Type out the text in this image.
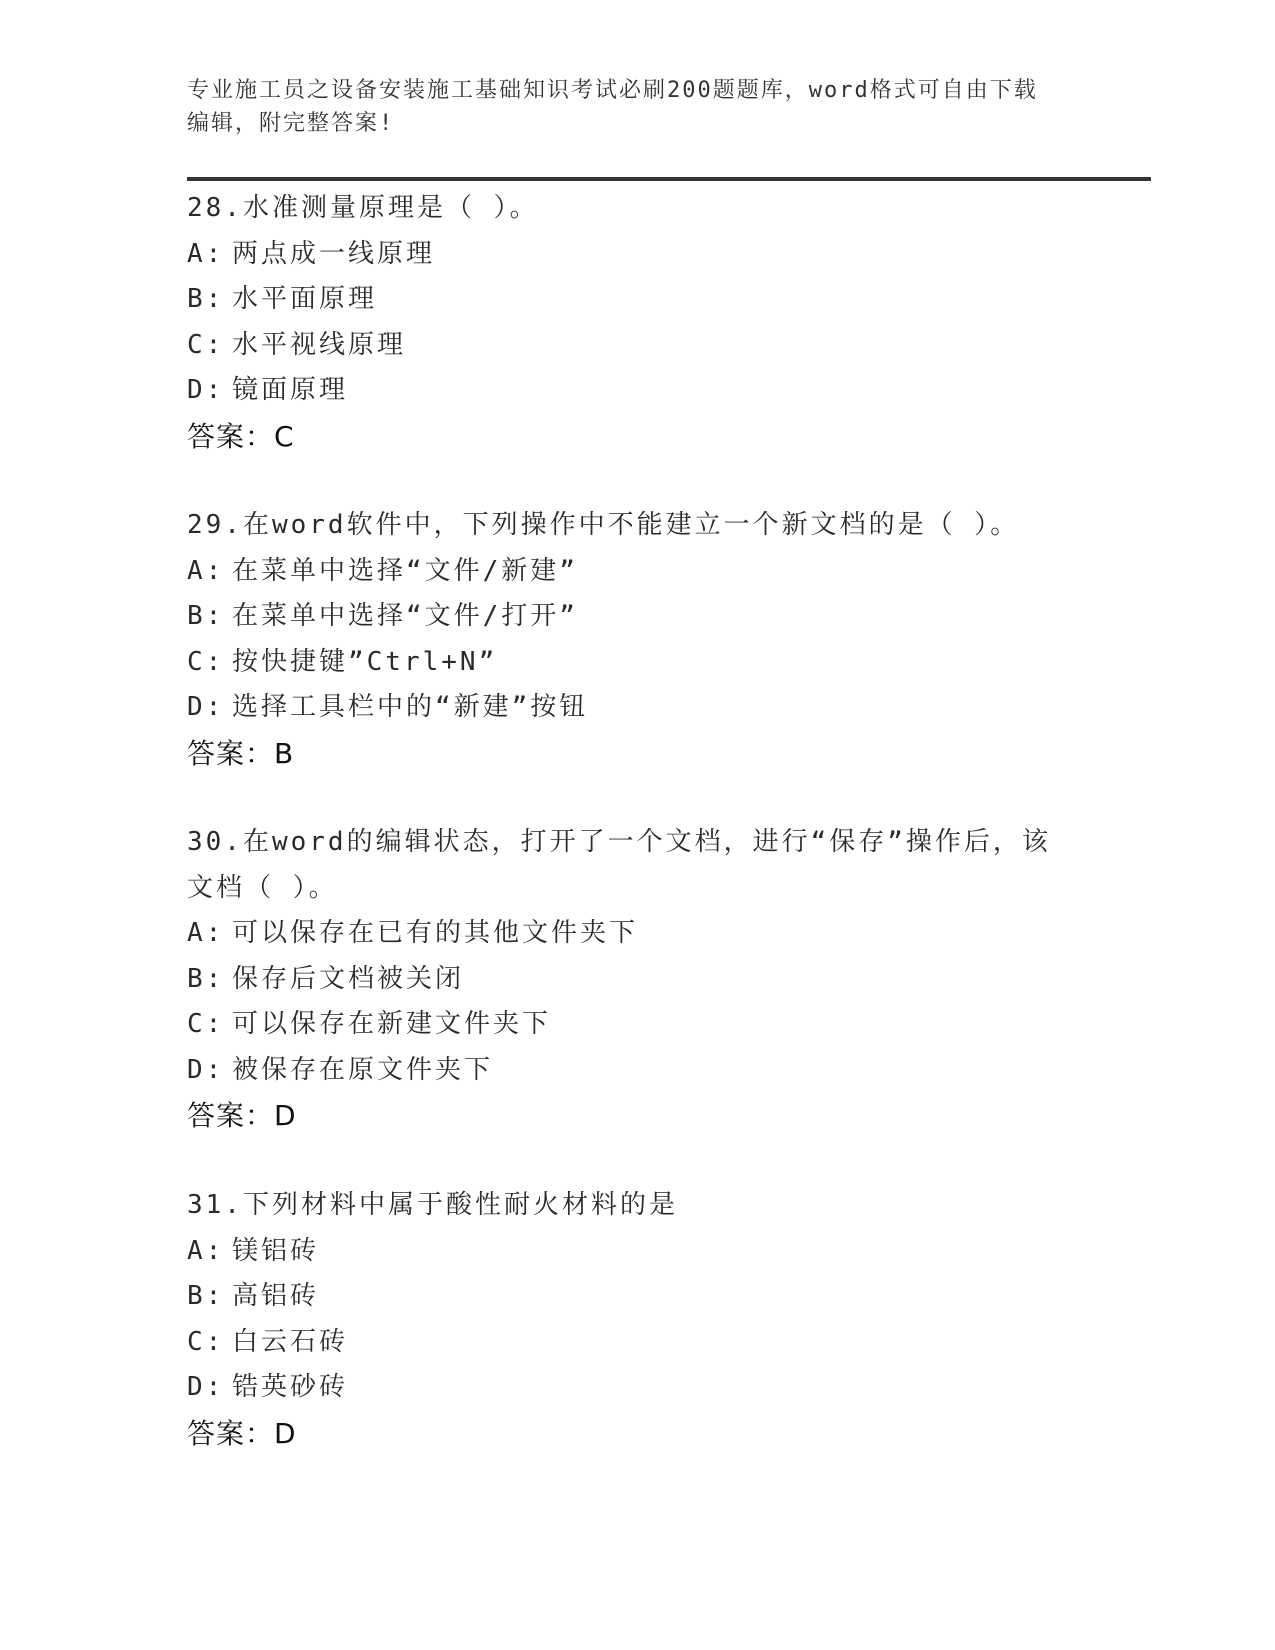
专业施工员之设备安装施工基础知识考试必刷200题题库，word格式可自由下载
编辑，附完整答案!
28.水准测量原理是（ ）。
A: 两点成一线原理
B: 水平面原理
C: 水平视线原理
D: 镜面原理
答案：C
29.在word软件中，下列操作中不能建立一个新文档的是（ ）。
A: 在菜单中选择“文件/新建”
B: 在菜单中选择“文件/打开”
C: 按快捷键”Ctrl+N”
D: 选择工具栏中的“新建”按钮
答案：B
30.在word的编辑状态，打开了一个文档，进行“保存”操作后，该
文档（ ）。
A: 可以保存在已有的其他文件夹下
B: 保存后文档被关闭
C: 可以保存在新建文件夹下
D: 被保存在原文件夹下
答案：D
31.下列材料中属于酸性耐火材料的是
A: 镁铝砖
B: 高铝砖
C: 白云石砖
D: 锆英砂砖
答案：D
